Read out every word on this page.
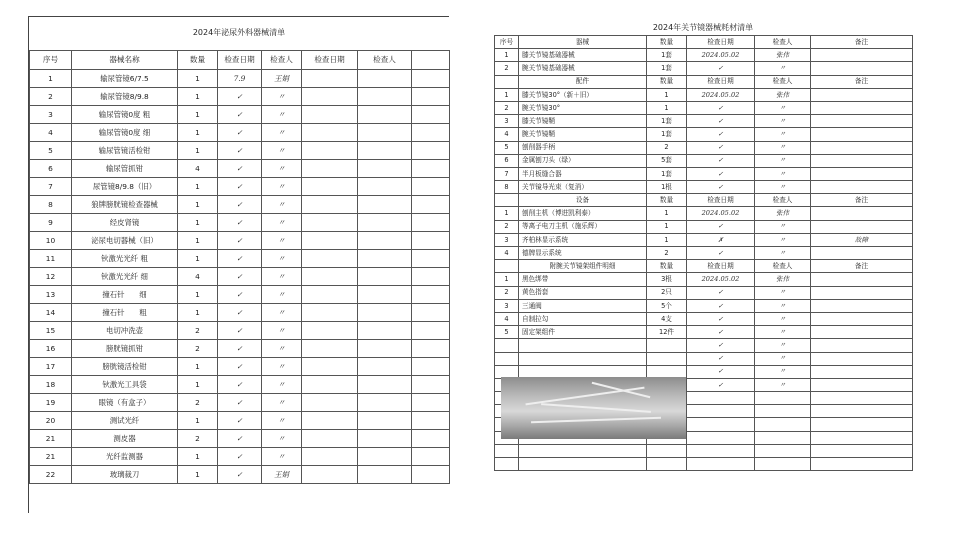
2024年泌尿外科器械清单
序号	器械名称	数量	检查日期	检查人	检查日期	检查人	
1	输尿管镜6/7.5	1	7.9	王娟			
2	输尿管镜8/9.8	1	✓	〃			
3	输尿管镜0度 粗	1	✓	〃			
4	输尿管镜0度 细	1	✓	〃			
5	输尿管镜活检钳	1	✓	〃			
6	输尿管抓钳	4	✓	〃			
7	尿管镜8/9.8（旧）	1	✓	〃			
8	狼牌膀胱镜检查器械	1	✓	〃			
9	经皮肾镜	1	✓	〃			
10	泌尿电切器械（旧）	1	✓	〃			
11	钬激光光纤 粗	1	✓	〃			
12	钬激光光纤 细	4	✓	〃			
13	撞石针　　细	1	✓	〃			
14	撞石针　　粗	1	✓	〃			
15	电切冲洗壶	2	✓	〃			
16	膀胱镜抓钳	2	✓	〃			
17	膀胱镜活检钳	1	✓	〃			
18	钬激光工具袋	1	✓	〃			
19	眼镜（有盒子）	2	✓	〃			
20	测试光纤	1	✓	〃			
21	测皮器	2	✓	〃			
21	光纤监测器	1	✓	〃			
22	玻璃裁刀	1	✓	王娟			
2024年关节镜器械耗材清单
序号	器械	数量	检查日期	检查人	备注
1	膝关节镜基础器械	1套	2024.05.02	张伟	
2	腕关节镜基础器械	1套	✓	〃	
	配件	数量	检查日期	检查人	备注
1	膝关节镜30°（新＋旧）	1	2024.05.02	张伟	
2	腕关节镜30°	1	✓	〃	
3	膝关节镜鞘	1套	✓	〃	
4	腕关节镜鞘	1套	✓	〃	
5	刨削器手柄	2	✓	〃	
6	金属刨刀头（绿）	5套	✓	〃	
7	半月板缝合器	1套	✓	〃	
8	关节镜导光束（复消）	1根	✓	〃	
	设备	数量	检查日期	检查人	备注
1	刨削主机（博进凯利泰）	1	2024.05.02	张伟	
2	等离子电刀主机（施乐辉）	1	✓	〃	
3	齐柏林显示系统	1	✗	〃	故障
4	德牌显示系统	2	✓	〃	
	附腕关节镜架组件明细	数量	检查日期	检查人	备注
1	黑色绑带	3根	2024.05.02	张伟	
2	黄色指套	2只	✓	〃	
3	三通阀	5个	✓	〃	
4	自制拉勾	4支	✓	〃	
5	固定架组件	12件	✓	〃	
			✓	〃	
			✓	〃	
			✓	〃	
			✓	〃	
